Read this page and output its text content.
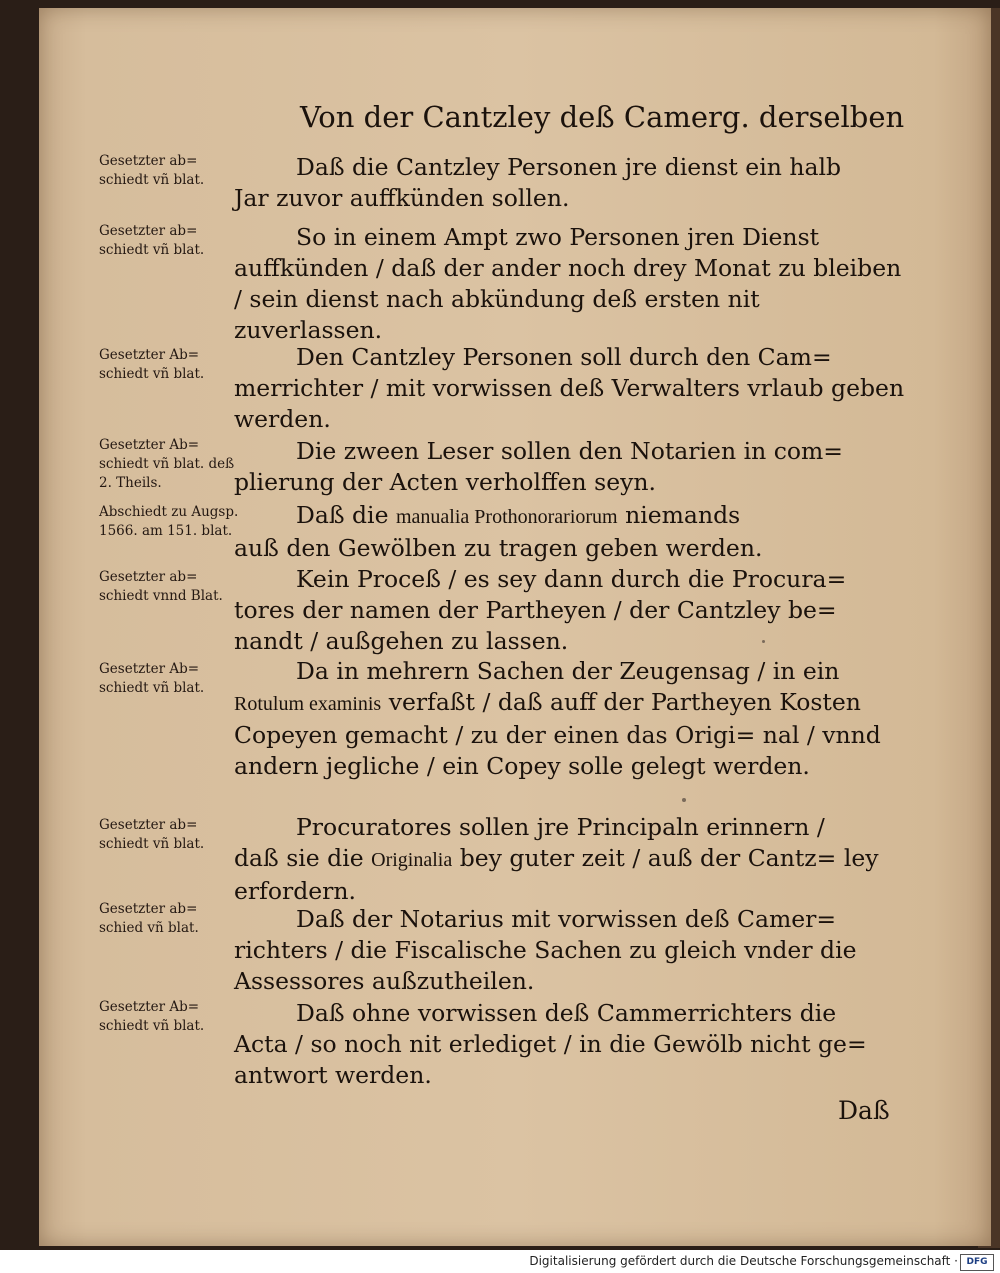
Von der Cantzley deß Camerg. derselben
Gesetzter ab= schiedt vñ blat.	Daß die Cantzley Personen jre dienst ein halb
Jar zuvor auffkünden sollen.
Gesetzter ab= schiedt vñ blat.	So in einem Ampt zwo Personen jren Dienst
auffkünden / daß der ander noch drey Monat zu bleiben / sein dienst nach abkündung deß ersten nit zuverlassen.
Gesetzter Ab= schiedt vñ blat.
Den Cantzley Personen soll durch den Cam=
merrichter / mit vorwissen deß Verwalters vrlaub geben werden.
Gesetzter Ab= schiedt vñ blat. deß 2. Theils.
Die zween Leser sollen den Notarien in com=
plierung der Acten verholffen seyn.
Abschiedt zu Augsp. 1566. am 151. blat.
Daß die manualia Prothonorariorum niemands
auß den Gewölben zu tragen geben werden.
Gesetzter ab= schiedt vnnd Blat.
Kein Proceß / es sey dann durch die Procura=
tores der namen der Partheyen / der Cantzley be= nandt / außgehen zu lassen.
Gesetzter Ab= schiedt vñ blat.
Da in mehrern Sachen der Zeugensag / in ein
Rotulum examinis verfaßt / daß auff der Partheyen Kosten Copeyen gemacht / zu der einen das Origi= nal / vnnd andern jegliche / ein Copey solle gelegt werden.
Gesetzter ab= schiedt vñ blat.
Procuratores sollen jre Principaln erinnern /
daß sie die Originalia bey guter zeit / auß der Cantz= ley erfordern.
Gesetzter ab= schied vñ blat.	Daß der Notarius mit vorwissen deß Camer=
richters / die Fiscalische Sachen zu gleich vnder die Assessores außzutheilen.
Gesetzter Ab= schiedt vñ blat.	Daß ohne vorwissen deß Cammerrichters die
Acta / so noch nit erlediget / in die Gewölb nicht ge= antwort werden.
Daß
Digitalisierung gefördert durch die Deutsche Forschungsgemeinschaft · DFG
